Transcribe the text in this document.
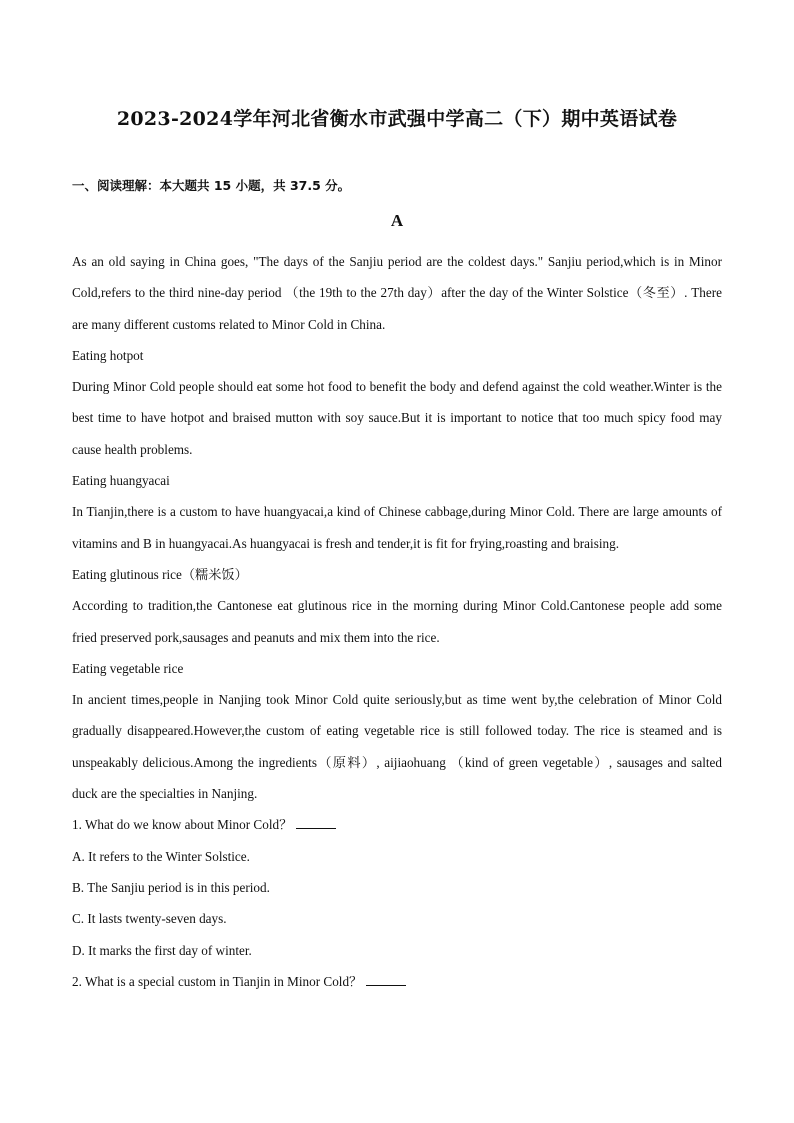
2023-2024学年河北省衡水市武强中学高二（下）期中英语试卷
一、阅读理解：本大题共 15 小题，共 37.5 分。
A

As an old saying in China goes, "The days of the Sanjiu period are the coldest days." Sanjiu period,which is in Minor Cold,refers to the third nine-day period （the 19th to the 27th day）after the day of the Winter Solstice（冬至）. There are many different customs related to Minor Cold in China.

Eating hotpot

During Minor Cold people should eat some hot food to benefit the body and defend against the cold weather.Winter is the best time to have hotpot and braised mutton with soy sauce.But it is important to notice that too much spicy food may cause health problems.

Eating huangyacai

In Tianjin,there is a custom to have huangyacai,a kind of Chinese cabbage,during Minor Cold. There are large amounts of vitamins and B in huangyacai.As huangyacai is fresh and tender,it is fit for frying,roasting and braising.

Eating glutinous rice（糯米饭）

According to tradition,the Cantonese eat glutinous rice in the morning during Minor Cold.Cantonese people add some fried preserved pork,sausages and peanuts and mix them into the rice.

Eating vegetable rice

In ancient times,people in Nanjing took Minor Cold quite seriously,but as time went by,the celebration of Minor Cold gradually disappeared.However,the custom of eating vegetable rice is still followed today. The rice is steamed and is unspeakably delicious.Among the ingredients（原料）, aijiaohuang （kind of green vegetable）, sausages and salted duck are the specialties in Nanjing.

1. What do we know about Minor Cold？

A. It refers to the Winter Solstice.

B. The Sanjiu period is in this period.

C. It lasts twenty-seven days.

D. It marks the first day of winter.

2. What is a special custom in Tianjin in Minor Cold？
